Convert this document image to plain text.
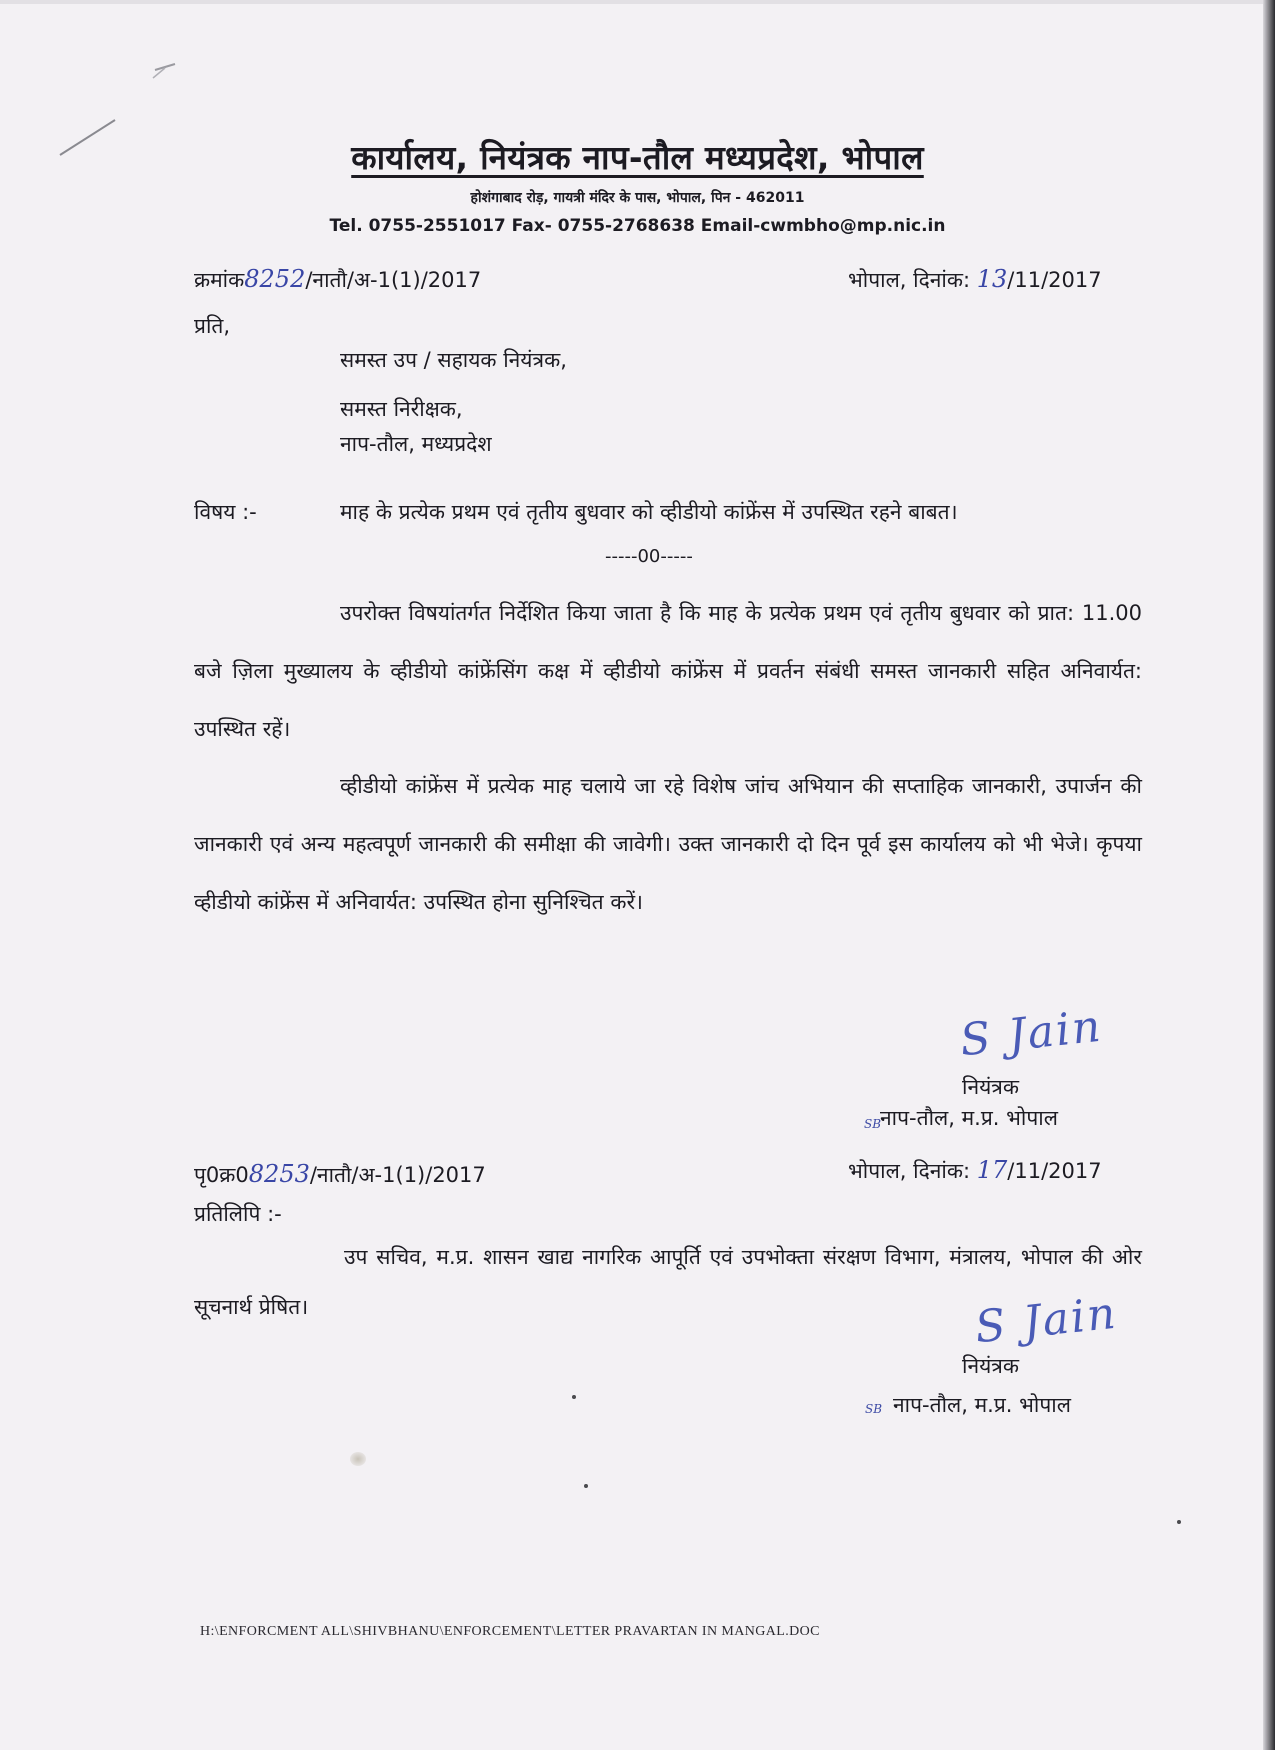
कार्यालय, नियंत्रक नाप-तौल मध्यप्रदेश, भोपाल
होशंगाबाद रोड़, गायत्री मंदिर के पास, भोपाल, पिन - 462011
Tel. 0755-2551017 Fax- 0755-2768638 Email-cwmbho@mp.nic.in
क्रमांक8252/नातौ/अ-1(1)/2017	भोपाल, दिनांक: 13/11/2017
प्रति,
समस्त उप / सहायक नियंत्रक,
समस्त निरीक्षक,
नाप-तौल, मध्यप्रदेश
विषय :-	माह के प्रत्येक प्रथम एवं तृतीय बुधवार को व्हीडीयो कांफ्रेंस में उपस्थित रहने बाबत।
-----00-----
उपरोक्त विषयांतर्गत निर्देशित किया जाता है कि माह के प्रत्येक प्रथम एवं तृतीय बुधवार को प्रात: 11.00 बजे ज़िला मुख्यालय के व्हीडीयो कांफ्रेंसिंग कक्ष में व्हीडीयो कांफ्रेंस में प्रवर्तन संबंधी समस्त जानकारी सहित अनिवार्यत: उपस्थित रहें।
व्हीडीयो कांफ्रेंस में प्रत्येक माह चलाये जा रहे विशेष जांच अभियान की सप्ताहिक जानकारी, उपार्जन की जानकारी एवं अन्य महत्वपूर्ण जानकारी की समीक्षा की जावेगी। उक्त जानकारी दो दिन पूर्व इस कार्यालय को भी भेजे। कृपया व्हीडीयो कांफ्रेंस में अनिवार्यत: उपस्थित होना सुनिश्चित करें।
S Jain
नियंत्रक
SB
नाप-तौल, म.प्र. भोपाल
पृ0क्र08253/नातौ/अ-1(1)/2017	भोपाल, दिनांक: 17/11/2017
प्रतिलिपि :-
उप सचिव, म.प्र. शासन खाद्य नागरिक आपूर्ति एवं उपभोक्ता संरक्षण विभाग, मंत्रालय, भोपाल की ओर सूचनार्थ प्रेषित।	S Jain
नियंत्रक
SB नाप-तौल, म.प्र. भोपाल
H:\ENFORCMENT ALL\SHIVBHANU\ENFORCEMENT\LETTER PRAVARTAN IN MANGAL.DOC
